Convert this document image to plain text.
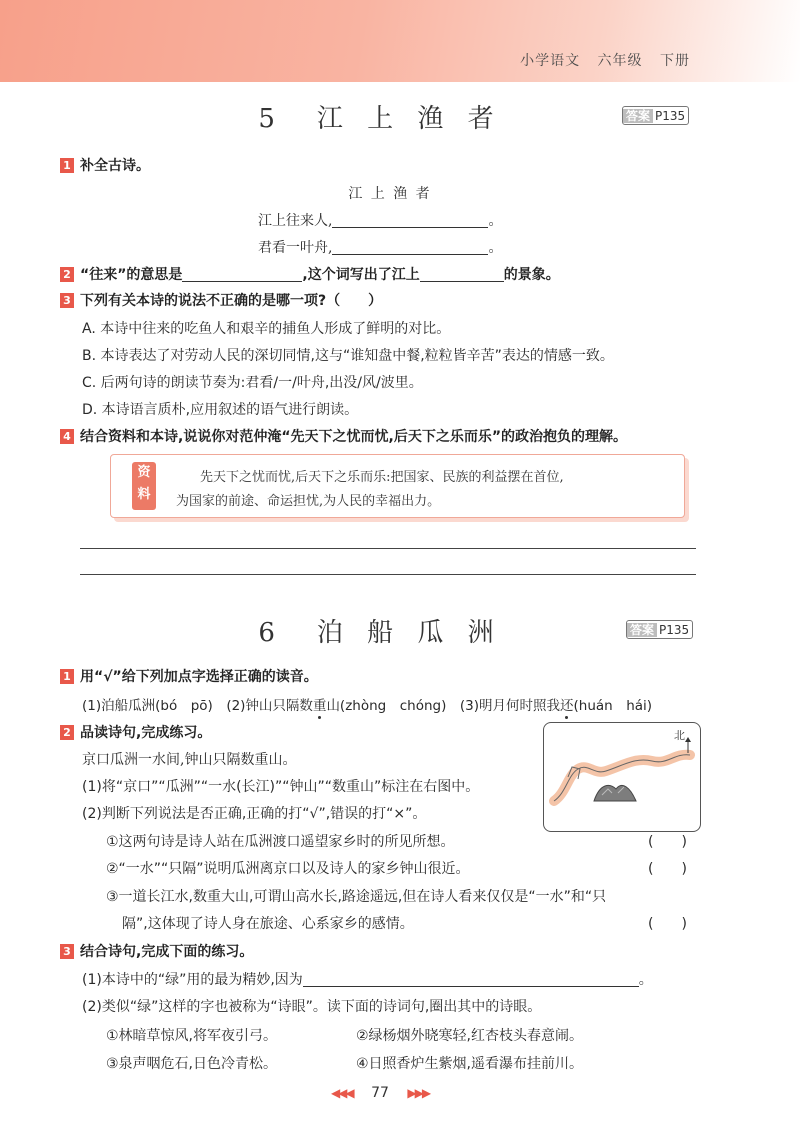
小学语文 六年级 下册
5　江 上 渔 者	答案 P135
1 补全古诗。
江 上 渔 者
江上往来人,	。
君看一叶舟,	。
2 “往来”的意思是	,这个词写出了江上	的景象。
3 下列有关本诗的说法不正确的是哪一项?（　　）
A. 本诗中往来的吃鱼人和艰辛的捕鱼人形成了鲜明的对比。
B. 本诗表达了对劳动人民的深切同情,这与“谁知盘中餐,粒粒皆辛苦”表达的情感一致。
C. 后两句诗的朗读节奏为:君看/一/叶舟,出没/风/波里。
D. 本诗语言质朴,应用叙述的语气进行朗读。
4 结合资料和本诗,说说你对范仲淹“先天下之忧而忧,后天下之乐而乐”的政治抱负的理解。
资料
先天下之忧而忧,后天下之乐而乐:把国家、民族的利益摆在首位,
为国家的前途、命运担忧,为人民的幸福出力。
6　泊 船 瓜 洲	答案 P135
1 用“√”给下列加点字选择正确的读音。
(1)泊船瓜洲(bó　pō)　(2)钟山只隔数重山(zhòng　chóng)　(3)明月何时照我还(huán　hái)
2 品读诗句,完成练习。
京口瓜洲一水间,钟山只隔数重山。
(1)将“京口”“瓜洲”“一水(长江)”“钟山”“数重山”标注在右图中。
(2)判断下列说法是否正确,正确的打“√”,错误的打“×”。
①这两句诗是诗人站在瓜洲渡口遥望家乡时的所见所想。	(　　)
②“一水”“只隔”说明瓜洲离京口以及诗人的家乡钟山很近。	(　　)
③一道长江水,数重大山,可谓山高水长,路途遥远,但在诗人看来仅仅是“一水”和“只
隔”,这体现了诗人身在旅途、心系家乡的感情。	(　　)
北
3 结合诗句,完成下面的练习。
(1)本诗中的“绿”用的最为精妙,因为	。
(2)类似“绿”这样的字也被称为“诗眼”。读下面的诗词句,圈出其中的诗眼。
①林暗草惊风,将军夜引弓。	②绿杨烟外晓寒轻,红杏枝头春意闹。
③泉声咽危石,日色冷青松。	④日照香炉生紫烟,遥看瀑布挂前川。
◀◀◀ 77 ▶▶▶
